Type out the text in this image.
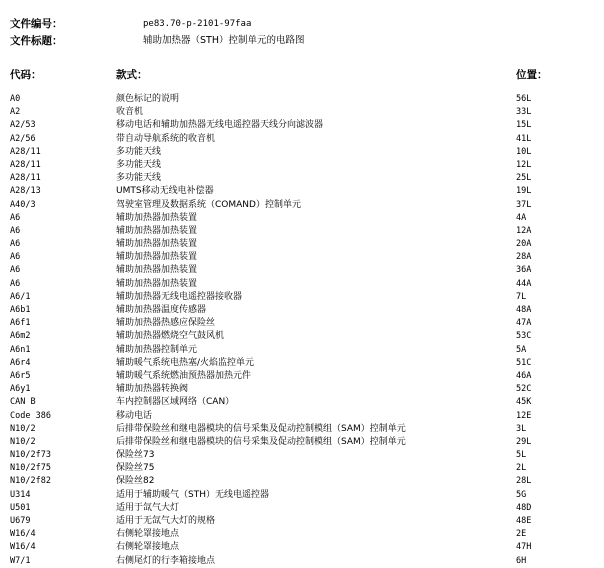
文件编号：	pe83.70-p-2101-97faa
文件标题：	辅助加热器（STH）控制单元的电路图
代码：	款式：	位置：
A0	颜色标记的说明	56L
A2	收音机	33L
A2/53	移动电话和辅助加热器无线电遥控器天线分向滤波器	15L
A2/56	带自动导航系统的收音机	41L
A28/11	多功能天线	10L
A28/11	多功能天线	12L
A28/11	多功能天线	25L
A28/13	UMTS移动无线电补偿器	19L
A40/3	驾驶室管理及数据系统（COMAND）控制单元	37L
A6	辅助加热器加热装置	4A
A6	辅助加热器加热装置	12A
A6	辅助加热器加热装置	20A
A6	辅助加热器加热装置	28A
A6	辅助加热器加热装置	36A
A6	辅助加热器加热装置	44A
A6/1	辅助加热器无线电遥控器接收器	7L
A6b1	辅助加热器温度传感器	48A
A6f1	辅助加热器热感应保险丝	47A
A6m2	辅助加热器燃烧空气鼓风机	53C
A6n1	辅助加热器控制单元	5A
A6r4	辅助暖气系统电热塞/火焰监控单元	51C
A6r5	辅助暖气系统燃油预热器加热元件	46A
A6y1	辅助加热器转换阀	52C
CAN B	车内控制器区域网络（CAN）	45K
Code 386	移动电话	12E
N10/2	后排带保险丝和继电器模块的信号采集及促动控制模组（SAM）控制单元	3L
N10/2	后排带保险丝和继电器模块的信号采集及促动控制模组（SAM）控制单元	29L
N10/2f73	保险丝73	5L
N10/2f75	保险丝75	2L
N10/2f82	保险丝82	28L
U314	适用于辅助暖气（STH）无线电遥控器	5G
U501	适用于氙气大灯	48D
U679	适用于无氙气大灯的规格	48E
W16/4	右侧轮罩接地点	2E
W16/4	右侧轮罩接地点	47H
W7/1	右侧尾灯的行李箱接地点	6H
